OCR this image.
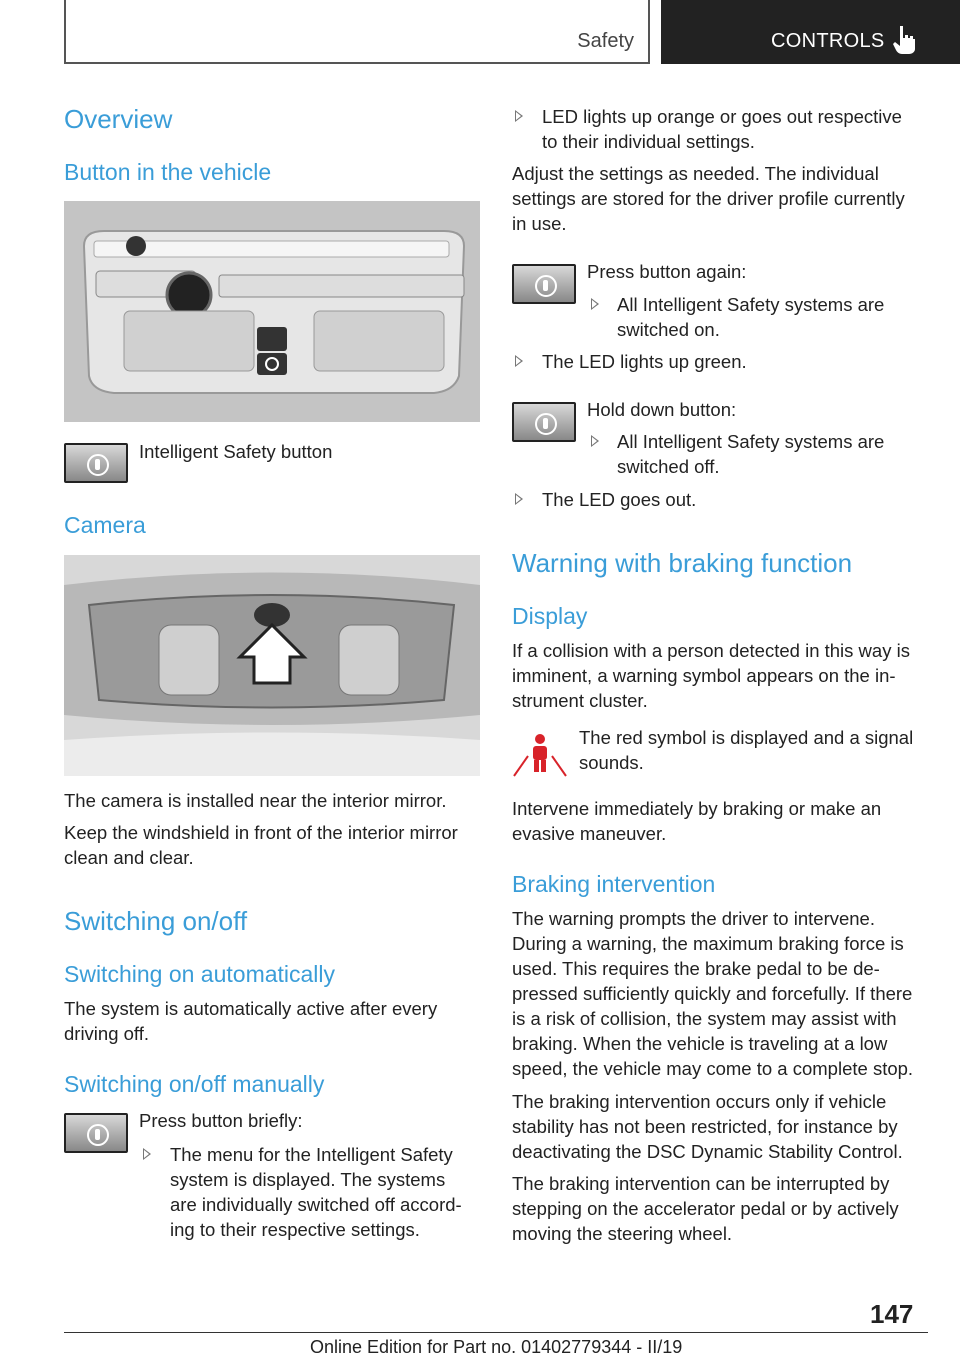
Safety	CONTROLS
Overview
Button in the vehicle
Intelligent Safety button
Camera
The camera is installed near the interior mirror.
Keep the windshield in front of the interior mirror
clean and clear.
Switching on/off
Switching on automatically
The system is automatically active after every
driving off.
Switching on/off manually
Press button briefly:
The menu for the Intelligent Safety
system is displayed. The systems
are individually switched off accord-
ing to their respective settings.
LED lights up orange or goes out respective
to their individual settings.
Adjust the settings as needed. The individual
settings are stored for the driver profile currently
in use.
Press button again:
All Intelligent Safety systems are
switched on.
The LED lights up green.
Hold down button:
All Intelligent Safety systems are
switched off.
The LED goes out.
Warning with braking function
Display
If a collision with a person detected in this way is
imminent, a warning symbol appears on the in-
strument cluster.
The red symbol is displayed and a signal
sounds.
Intervene immediately by braking or make an
evasive maneuver.
Braking intervention
The warning prompts the driver to intervene.
During a warning, the maximum braking force is
used. This requires the brake pedal to be de-
pressed sufficiently quickly and forcefully. If there
is a risk of collision, the system may assist with
braking. When the vehicle is traveling at a low
speed, the vehicle may come to a complete stop.
The braking intervention occurs only if vehicle
stability has not been restricted, for instance by
deactivating the DSC Dynamic Stability Control.
The braking intervention can be interrupted by
stepping on the accelerator pedal or by actively
moving the steering wheel.
147
Online Edition for Part no. 01402779344 - II/19
